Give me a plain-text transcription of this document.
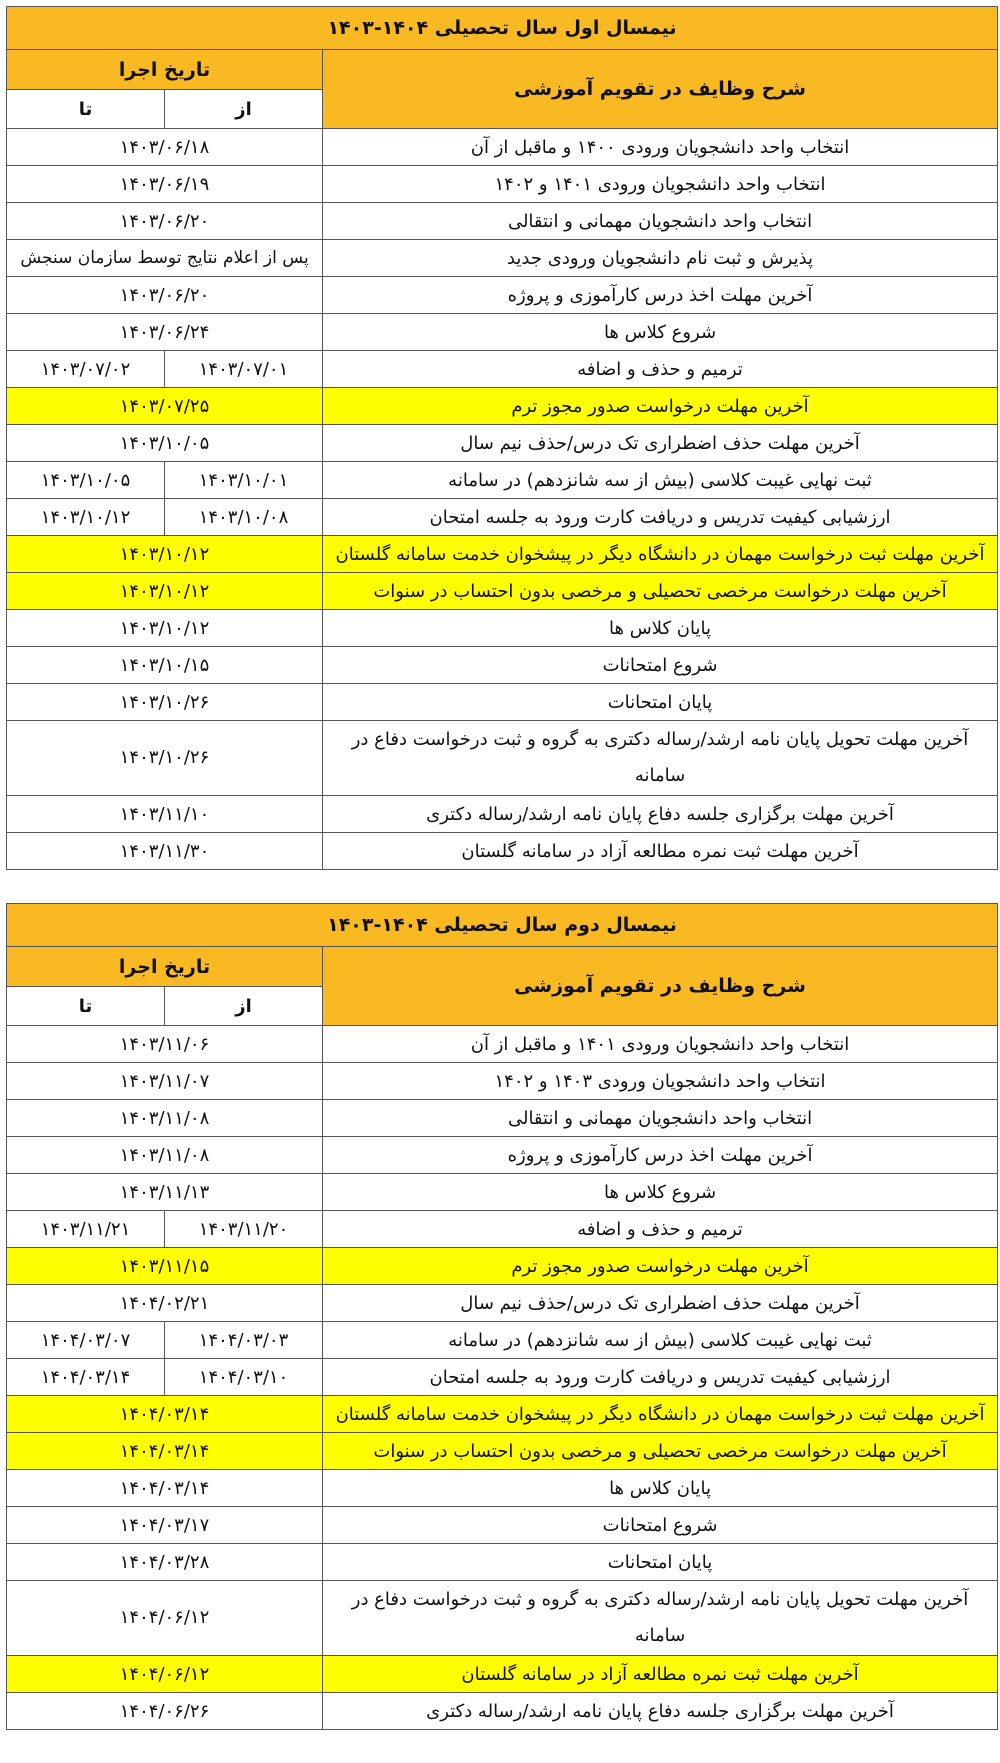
نیمسال اول سال تحصیلی ۱۴۰۴-۱۴۰۳		
شرح وظایف در تقویم آموزشی	تاریخ اجرا	
	از	تا
انتخاب واحد دانشجویان ورودی ۱۴۰۰ و ماقبل از آن	۱۴۰۳/۰۶/۱۸	
انتخاب واحد دانشجویان ورودی ۱۴۰۱ و ۱۴۰۲	۱۴۰۳/۰۶/۱۹	
انتخاب واحد دانشجویان مهمانی و انتقالی	۱۴۰۳/۰۶/۲۰	
پذیرش و ثبت نام دانشجویان ورودی جدید	پس از اعلام نتایج توسط سازمان سنجش	
آخرین مهلت اخذ درس کارآموزی و پروژه	۱۴۰۳/۰۶/۲۰	
شروع کلاس ها	۱۴۰۳/۰۶/۲۴	
ترمیم و حذف و اضافه	۱۴۰۳/۰۷/۰۱	۱۴۰۳/۰۷/۰۲
آخرین مهلت درخواست صدور مجوز ترم	۱۴۰۳/۰۷/۲۵	
آخرین مهلت حذف اضطراری تک درس/حذف نیم سال	۱۴۰۳/۱۰/۰۵	
ثبت نهایی غیبت کلاسی (بیش از سه شانزدهم) در سامانه	۱۴۰۳/۱۰/۰۱	۱۴۰۳/۱۰/۰۵
ارزشیابی کیفیت تدریس و دریافت کارت ورود به جلسه امتحان	۱۴۰۳/۱۰/۰۸	۱۴۰۳/۱۰/۱۲
آخرین مهلت ثبت درخواست مهمان در دانشگاه دیگر در پیشخوان خدمت سامانه گلستان	۱۴۰۳/۱۰/۱۲	
آخرین مهلت درخواست مرخصی تحصیلی و مرخصی بدون احتساب در سنوات	۱۴۰۳/۱۰/۱۲	
پایان کلاس ها	۱۴۰۳/۱۰/۱۲	
شروع امتحانات	۱۴۰۳/۱۰/۱۵	
پایان امتحانات	۱۴۰۳/۱۰/۲۶	
آخرین مهلت تحویل پایان نامه ارشد/رساله دکتری به گروه و ثبت درخواست دفاع در سامانه	۱۴۰۳/۱۰/۲۶	
آخرین مهلت برگزاری جلسه دفاع پایان نامه ارشد/رساله دکتری	۱۴۰۳/۱۱/۱۰	
آخرین مهلت ثبت نمره مطالعه آزاد در سامانه گلستان	۱۴۰۳/۱۱/۳۰	
نیمسال دوم سال تحصیلی ۱۴۰۴-۱۴۰۳		
شرح وظایف در تقویم آموزشی	تاریخ اجرا	
	از	تا
انتخاب واحد دانشجویان ورودی ۱۴۰۱ و ماقبل از آن	۱۴۰۳/۱۱/۰۶	
انتخاب واحد دانشجویان ورودی ۱۴۰۳ و ۱۴۰۲	۱۴۰۳/۱۱/۰۷	
انتخاب واحد دانشجویان مهمانی و انتقالی	۱۴۰۳/۱۱/۰۸	
آخرین مهلت اخذ درس کارآموزی و پروژه	۱۴۰۳/۱۱/۰۸	
شروع کلاس ها	۱۴۰۳/۱۱/۱۳	
ترمیم و حذف و اضافه	۱۴۰۳/۱۱/۲۰	۱۴۰۳/۱۱/۲۱
آخرین مهلت درخواست صدور مجوز ترم	۱۴۰۳/۱۱/۱۵	
آخرین مهلت حذف اضطراری تک درس/حذف نیم سال	۱۴۰۴/۰۲/۲۱	
ثبت نهایی غیبت کلاسی (بیش از سه شانزدهم) در سامانه	۱۴۰۴/۰۳/۰۳	۱۴۰۴/۰۳/۰۷
ارزشیابی کیفیت تدریس و دریافت کارت ورود به جلسه امتحان	۱۴۰۴/۰۳/۱۰	۱۴۰۴/۰۳/۱۴
آخرین مهلت ثبت درخواست مهمان در دانشگاه دیگر در پیشخوان خدمت سامانه گلستان	۱۴۰۴/۰۳/۱۴	
آخرین مهلت درخواست مرخصی تحصیلی و مرخصی بدون احتساب در سنوات	۱۴۰۴/۰۳/۱۴	
پایان کلاس ها	۱۴۰۴/۰۳/۱۴	
شروع امتحانات	۱۴۰۴/۰۳/۱۷	
پایان امتحانات	۱۴۰۴/۰۳/۲۸	
آخرین مهلت تحویل پایان نامه ارشد/رساله دکتری به گروه و ثبت درخواست دفاع در سامانه	۱۴۰۴/۰۶/۱۲	
آخرین مهلت ثبت نمره مطالعه آزاد در سامانه گلستان	۱۴۰۴/۰۶/۱۲	
آخرین مهلت برگزاری جلسه دفاع پایان نامه ارشد/رساله دکتری	۱۴۰۴/۰۶/۲۶	
